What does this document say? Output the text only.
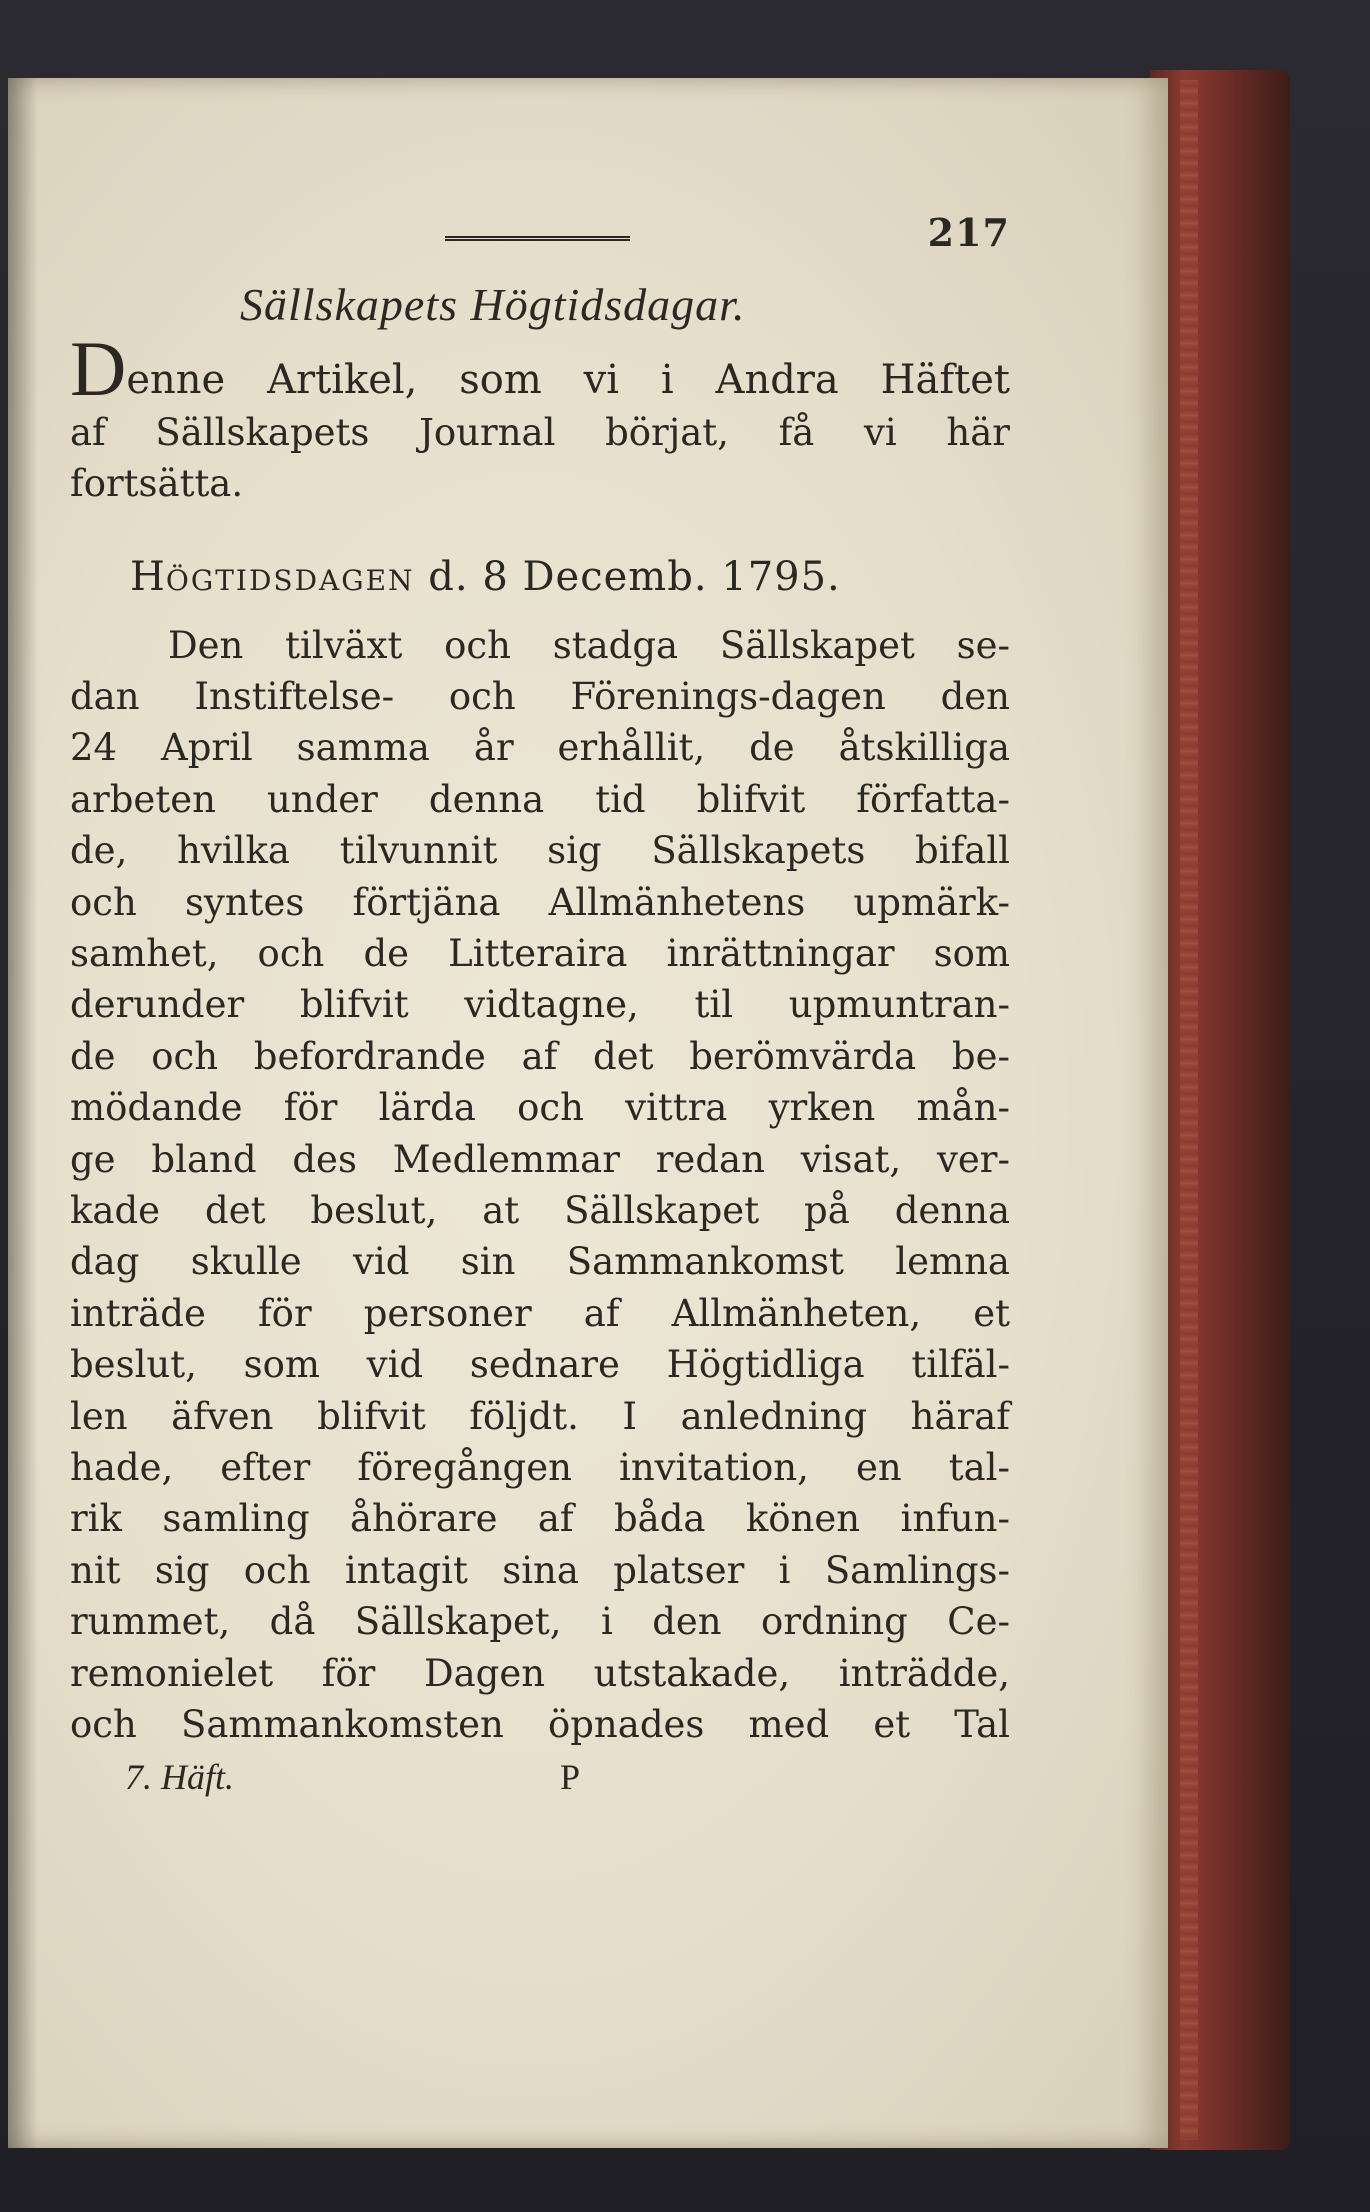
217
Sällskapets Högtidsdagar.
Denne Artikel, som vi i Andra Häftet
af Sällskapets Journal börjat, få vi här
fortsätta.
HÖGTIDSDAGEN d. 8 Decemb. 1795.
Den tilväxt och stadga Sällskapet se-
dan Instiftelse- och Förenings-dagen den
24 April samma år erhållit, de åtskilliga
arbeten under denna tid blifvit författa-
de, hvilka tilvunnit sig Sällskapets bifall
och syntes förtjäna Allmänhetens upmärk-
samhet, och de Litteraira inrättningar som
derunder blifvit vidtagne, til upmuntran-
de och befordrande af det berömvärda be-
mödande för lärda och vittra yrken mån-
ge bland des Medlemmar redan visat, ver-
kade det beslut, at Sällskapet på denna
dag skulle vid sin Sammankomst lemna
inträde för personer af Allmänheten, et
beslut, som vid sednare Högtidliga tilfäl-
len äfven blifvit följdt. I anledning häraf
hade, efter föregången invitation, en tal-
rik samling åhörare af båda könen infun-
nit sig och intagit sina platser i Samlings-
rummet, då Sällskapet, i den ordning Ce-
remonielet för Dagen utstakade, inträdde,
och Sammankomsten öpnades med et Tal
7. Häft.	P
